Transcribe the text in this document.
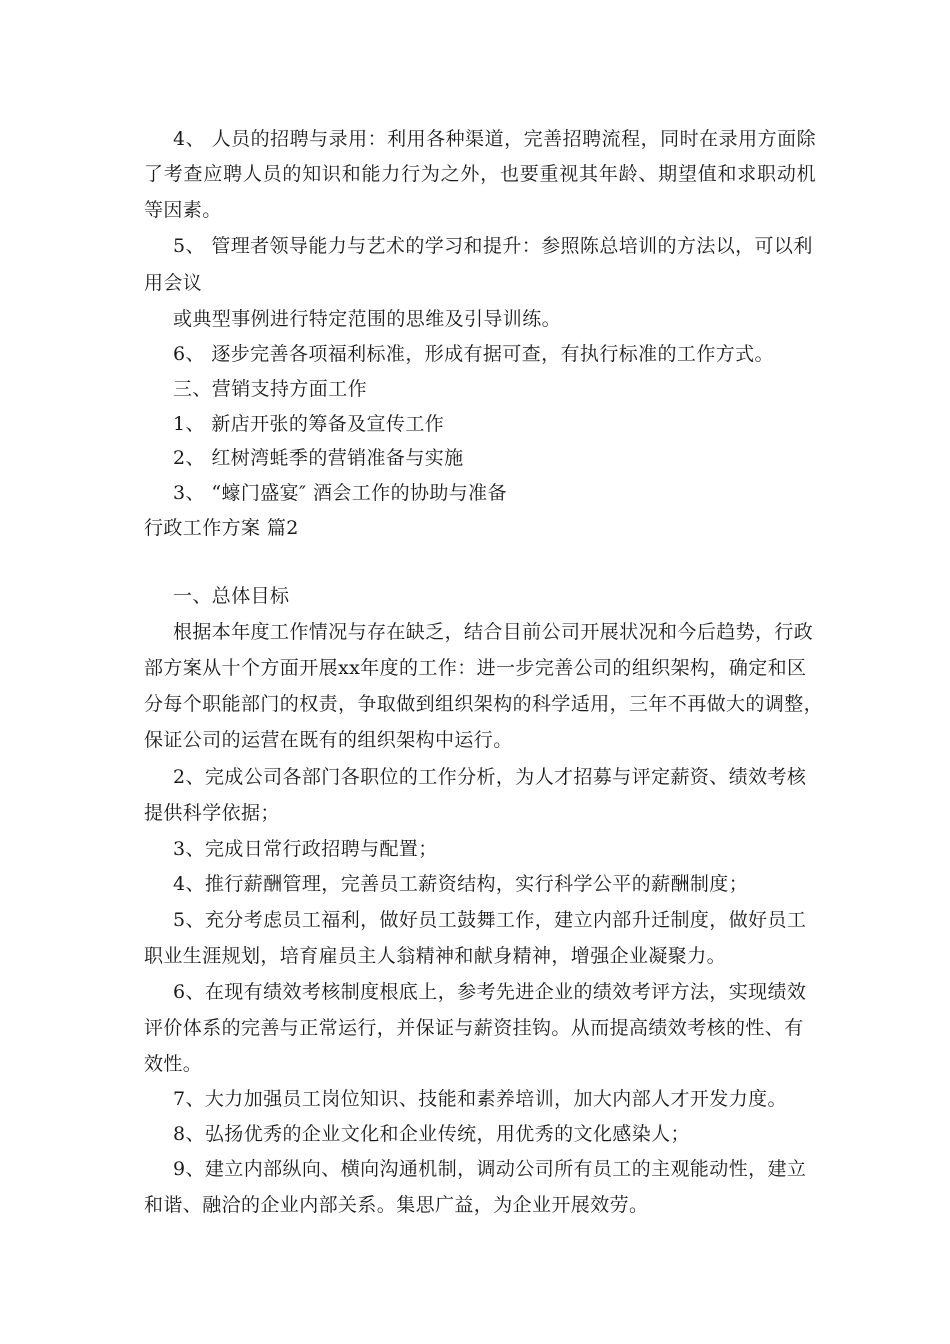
4、 人员的招聘与录用：利用各种渠道，完善招聘流程，同时在录用方面除
了考查应聘人员的知识和能力行为之外，也要重视其年龄、期望值和求职动机
等因素。
5、 管理者领导能力与艺术的学习和提升：参照陈总培训的方法以，可以利
用会议
或典型事例进行特定范围的思维及引导训练。
6、 逐步完善各项福利标准，形成有据可查，有执行标准的工作方式。
三、营销支持方面工作
1、 新店开张的筹备及宣传工作
2、 红树湾蚝季的营销准备与实施
3、 “蠔门盛宴″ 酒会工作的协助与准备
行政工作方案 篇2
一、总体目标
根据本年度工作情况与存在缺乏，结合目前公司开展状况和今后趋势，行政
部方案从十个方面开展xx年度的工作：进一步完善公司的组织架构，确定和区
分每个职能部门的权责，争取做到组织架构的科学适用，三年不再做大的调整，
保证公司的运营在既有的组织架构中运行。
2、完成公司各部门各职位的工作分析，为人才招募与评定薪资、绩效考核
提供科学依据；
3、完成日常行政招聘与配置；
4、推行薪酬管理，完善员工薪资结构，实行科学公平的薪酬制度；
5、充分考虑员工福利，做好员工鼓舞工作，建立内部升迁制度，做好员工
职业生涯规划，培育雇员主人翁精神和献身精神，增强企业凝聚力。
6、在现有绩效考核制度根底上，参考先进企业的绩效考评方法，实现绩效
评价体系的完善与正常运行，并保证与薪资挂钩。从而提高绩效考核的性、有
效性。
7、大力加强员工岗位知识、技能和素养培训，加大内部人才开发力度。
8、弘扬优秀的企业文化和企业传统，用优秀的文化感染人；
9、建立内部纵向、横向沟通机制，调动公司所有员工的主观能动性，建立
和谐、融洽的企业内部关系。集思广益，为企业开展效劳。
